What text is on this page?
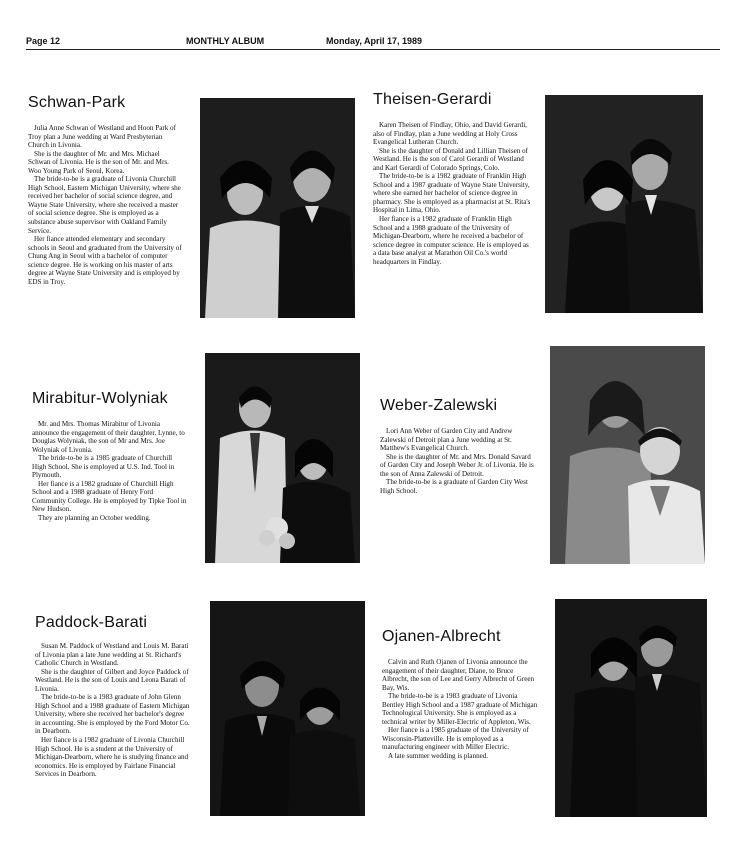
Page 12	MONTHLY ALBUM	Monday, April 17, 1989
Schwan-Park

Julia Anne Schwan of Westland and Hoon Park of Troy plan a June wedding at Ward Presbyterian Church in Livonia.

She is the daughter of Mr. and Mrs. Michael Schwan of Livonia. He is the son of Mr. and Mrs. Woo Young Park of Seoul, Korea.

The bride-to-be is a graduate of Livonia Churchill High School, Eastern Michigan University, where she received her bachelor of social science degree, and Wayne State University, where she received a master of social science degree. She is employed as a substance abuse supervisor with Oakland Family Service.

Her fiance attended elementary and secondary schools in Seoul and graduated from the University of Chung Ang in Seoul with a bachelor of computer science degree. He is working on his master of arts degree at Wayne State University and is employed by EDS in Troy.

Theisen-Gerardi

Karen Theisen of Findlay, Ohio, and David Gerardi, also of Findlay, plan a June wedding at Holy Cross Evangelical Lutheran Church.

She is the daughter of Donald and Lillian Theisen of Westland. He is the son of Carol Gerardi of Westland and Karl Gerardi of Colorado Springs, Colo.

The bride-to-be is a 1982 graduate of Franklin High School and a 1987 graduate of Wayne State University, where she earned her bachelor of science degree in pharmacy. She is employed as a pharmacist at St. Rita's Hospital in Lima, Ohio.

Her fiance is a 1982 graduate of Franklin High School and a 1988 graduate of the University of Michigan-Dearborn, where he received a bachelor of science degree in computer science. He is employed as a data base analyst at Marathon Oil Co.'s world headquarters in Findlay.

Mirabitur-Wolyniak

Mr. and Mrs. Thomas Mirabitur of Livonia announce the engagement of their daughter, Lynne, to Douglas Wolyniak, the son of Mr and Mrs. Joe Wolyniak of Livonia.

The bride-to-be is a 1985 graduate of Churchill High School. She is employed at U.S. Ind. Tool in Plymouth.

Her fiance is a 1982 graduate of Churchill High School and a 1988 graduate of Henry Ford Community College. He is employed by Tipke Tool in New Hudson.

They are planning an October wedding.

Weber-Zalewski

Lori Ann Weber of Garden City and Andrew Zalewski of Detroit plan a June wedding at St. Matthew's Evangelical Church.

She is the daughter of Mr. and Mrs. Donald Savard of Garden City and Joseph Weber Jr. of Livonia. He is the son of Anna Zalewski of Detroit.

The bride-to-be is a graduate of Garden City West High School.

Paddock-Barati

Susan M. Paddock of Westland and Louis M. Barati of Livonia plan a late June wedding at St. Richard's Catholic Church in Westland.

She is the daughter of Gilbert and Joyce Paddock of Westland. He is the son of Louis and Leona Barati of Livonia.

The bride-to-be is a 1983 graduate of John Glenn High School and a 1988 graduate of Eastern Michigan University, where she received her bachelor's degree in accounting. She is employed by the Ford Motor Co. in Dearborn.

Her fiance is a 1982 graduate of Livonia Churchill High School. He is a student at the University of Michigan-Dearborn, where he is studying finance and economics. He is employed by Fairlane Financial Services in Dearborn.

Ojanen-Albrecht

Calvin and Ruth Ojanen of Livonia announce the engagement of their daughter, Diane, to Bruce Albrecht, the son of Lee and Gerry Albrecht of Green Bay, Wis.

The bride-to-be is a 1983 graduate of Livonia Bentley High School and a 1987 graduate of Michigan Technological University. She is employed as a technical writer by Miller-Electric of Appleton, Wis.

Her fiance is a 1985 graduate of the University of Wisconsin-Platteville. He is employed as a manufacturing engineer with Miller Electric.

A late summer wedding is planned.
